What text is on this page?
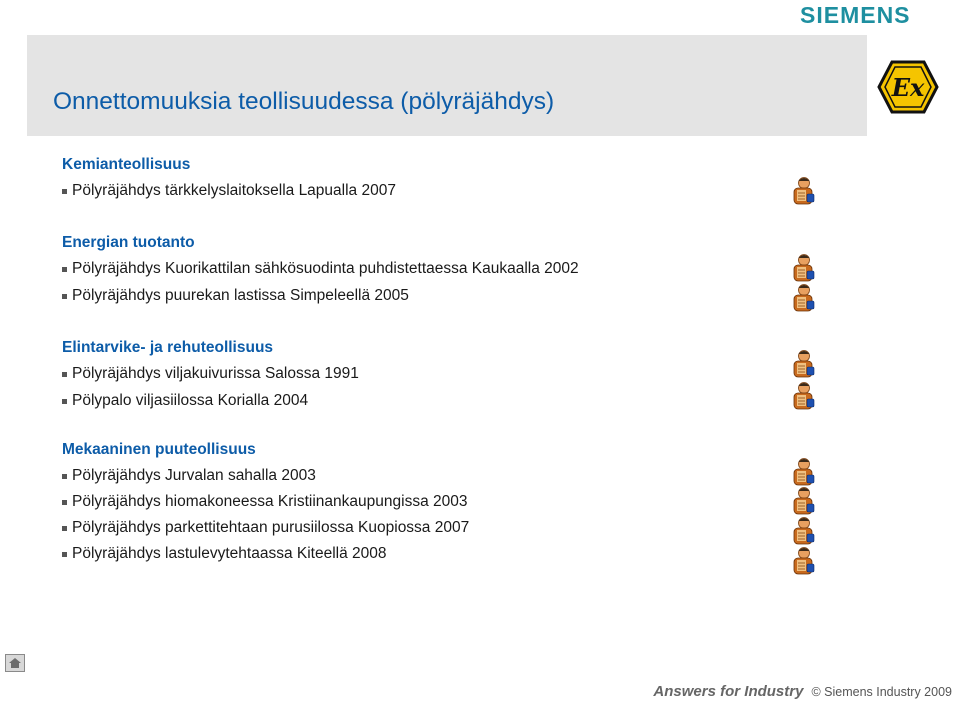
SIEMENS
Onnettomuuksia teollisuudessa (pölyräjähdys)	Ex
Kemianteollisuus
Pölyräjähdys tärkkelyslaitoksella Lapualla 2007
Energian tuotanto
Pölyräjähdys Kuorikattilan sähkösuodinta puhdistettaessa Kaukaalla 2002
Pölyräjähdys puurekan lastissa Simpeleellä 2005
Elintarvike- ja rehuteollisuus
Pölyräjähdys viljakuivurissa Salossa 1991
Pölypalo viljasiilossa Korialla 2004
Mekaaninen puuteollisuus
Pölyräjähdys Jurvalan sahalla 2003
Pölyräjähdys hiomakoneessa Kristiinankaupungissa 2003
Pölyräjähdys parkettitehtaan purusiilossa Kuopiossa 2007
Pölyräjähdys lastulevytehtaassa Kiteellä 2008
Answers for Industry © Siemens Industry 2009
